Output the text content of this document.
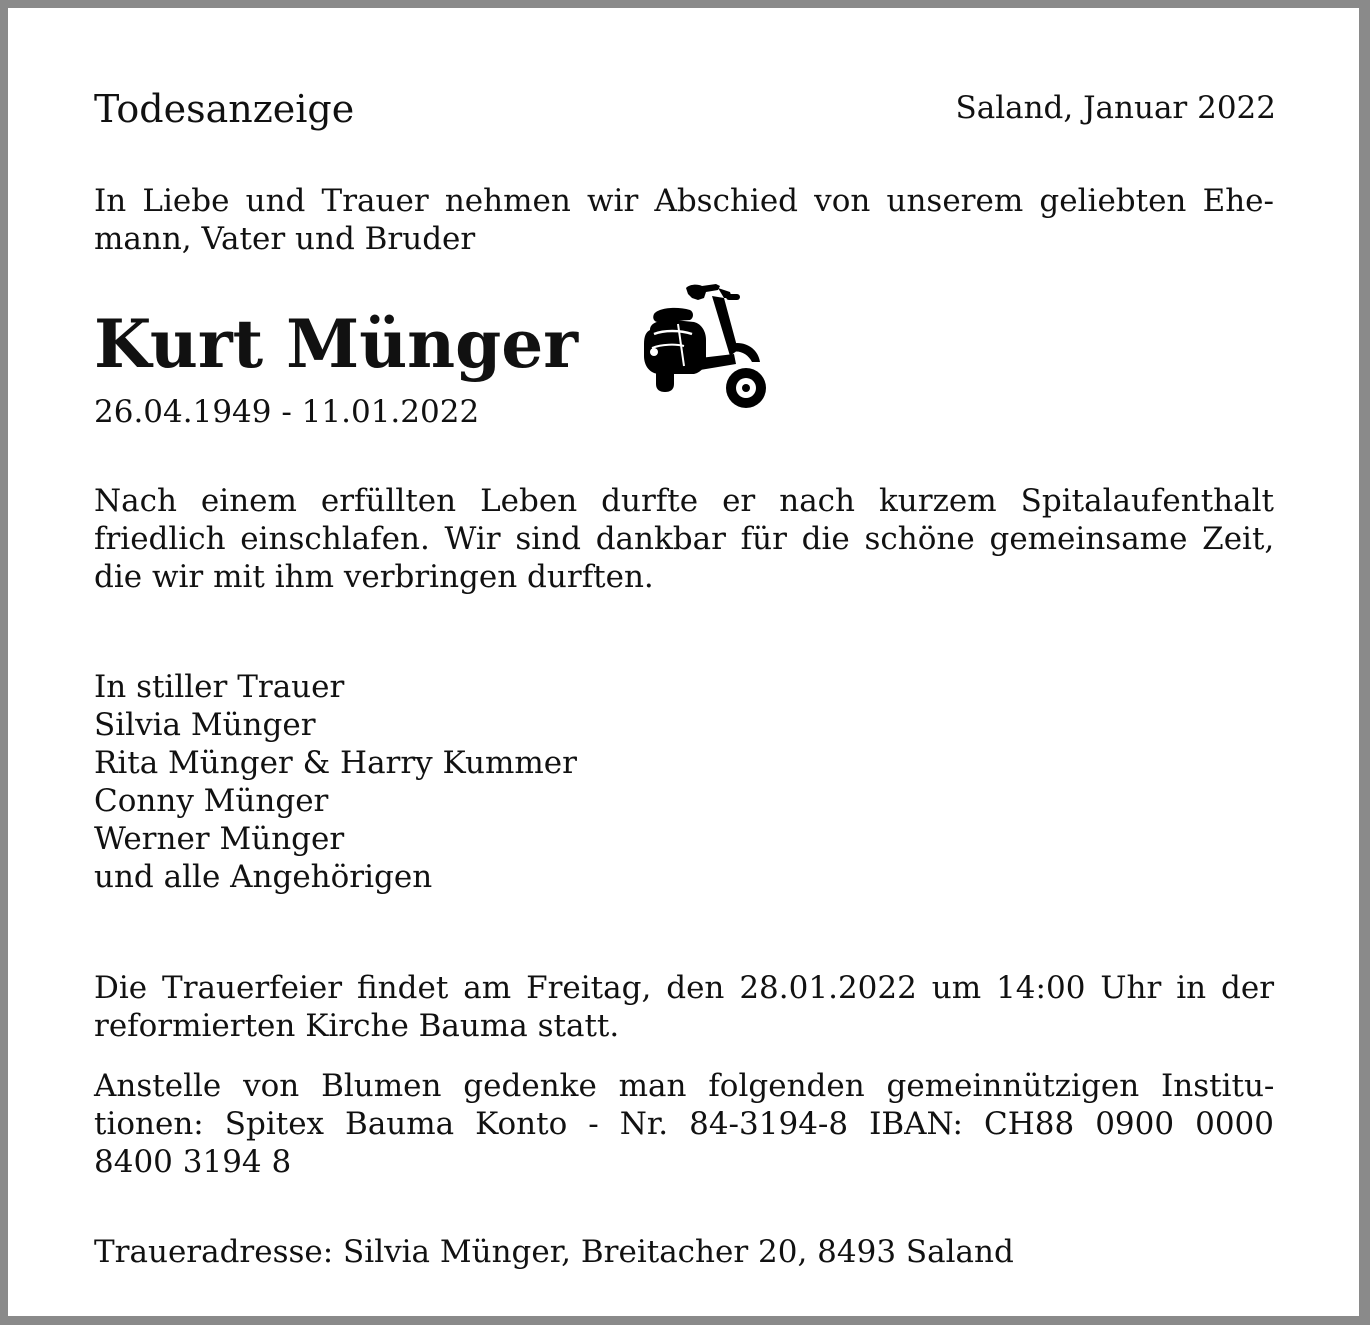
Todesanzeige	Saland, Januar 2022
In Liebe und Trauer nehmen wir Abschied von unserem geliebten Ehe-
mann, Vater und Bruder
Kurt Münger
26.04.1949 - 11.01.2022
Nach einem erfüllten Leben durfte er nach kurzem Spitalaufenthalt
friedlich einschlafen. Wir sind dankbar für die schöne gemeinsame Zeit,
die wir mit ihm verbringen durften.
In stiller Trauer
Silvia Münger
Rita Münger & Harry Kummer
Conny Münger
Werner Münger
und alle Angehörigen
Die Trauerfeier findet am Freitag, den 28.01.2022 um 14:00 Uhr in der
reformierten Kirche Bauma statt.
Anstelle von Blumen gedenke man folgenden gemeinnützigen Institu-
tionen: Spitex Bauma Konto - Nr. 84-3194-8 IBAN: CH88 0900 0000
8400 3194 8
Traueradresse: Silvia Münger, Breitacher 20, 8493 Saland
